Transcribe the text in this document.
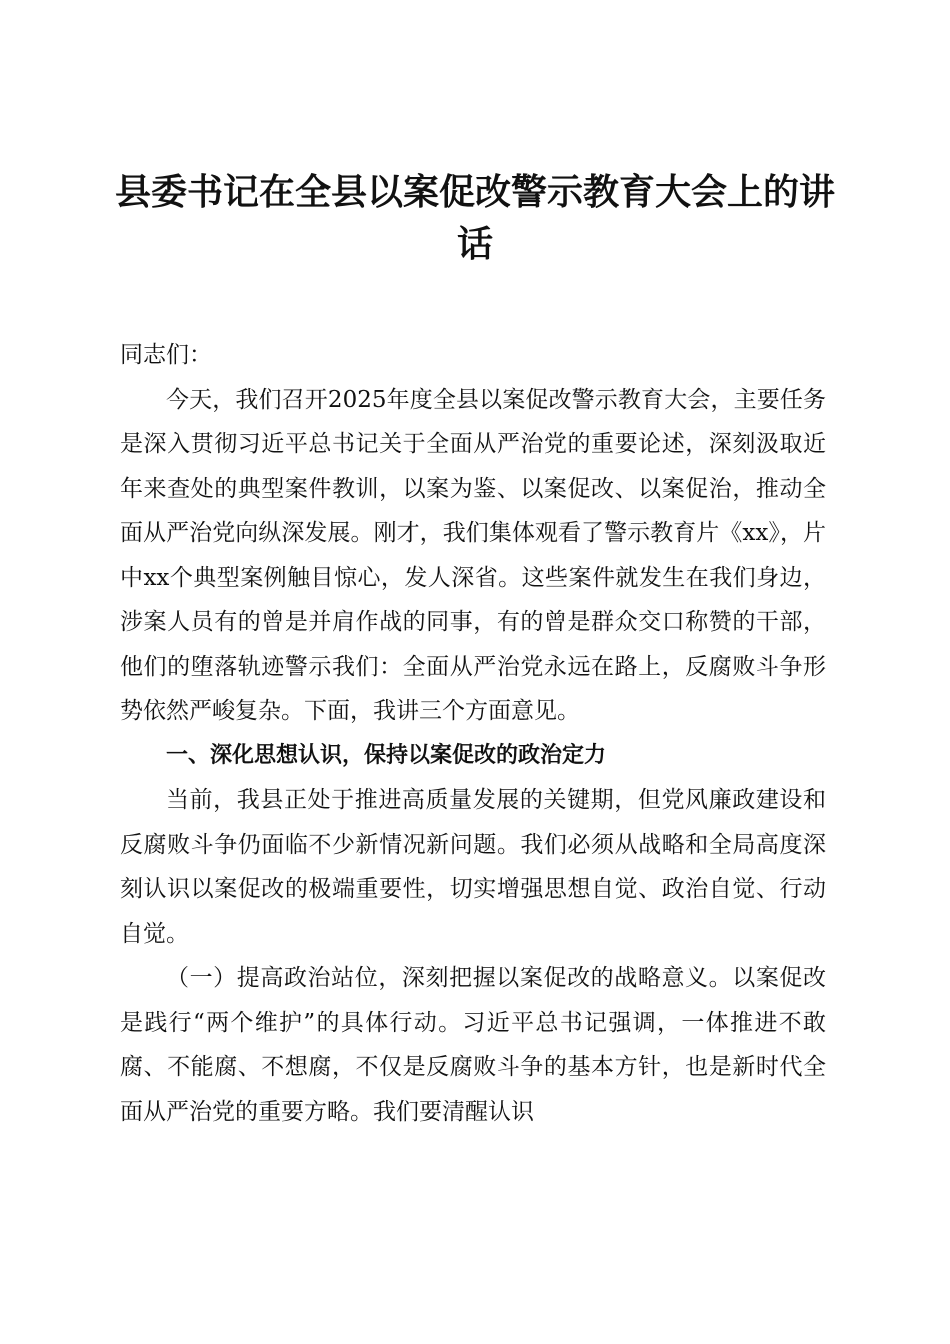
县委书记在全县以案促改警示教育大会上的讲话

同志们：

今天，我们召开2025年度全县以案促改警示教育大会，主要任务是深入贯彻习近平总书记关于全面从严治党的重要论述，深刻汲取近年来查处的典型案件教训，以案为鉴、以案促改、以案促治，推动全面从严治党向纵深发展。刚才，我们集体观看了警示教育片《xx》，片中xx个典型案例触目惊心，发人深省。这些案件就发生在我们身边，涉案人员有的曾是并肩作战的同事，有的曾是群众交口称赞的干部，他们的堕落轨迹警示我们：全面从严治党永远在路上，反腐败斗争形势依然严峻复杂。下面，我讲三个方面意见。

一、深化思想认识，保持以案促改的政治定力

当前，我县正处于推进高质量发展的关键期，但党风廉政建设和反腐败斗争仍面临不少新情况新问题。我们必须从战略和全局高度深刻认识以案促改的极端重要性，切实增强思想自觉、政治自觉、行动自觉。

（一）提高政治站位，深刻把握以案促改的战略意义。以案促改是践行“两个维护”的具体行动。习近平总书记强调，一体推进不敢腐、不能腐、不想腐，不仅是反腐败斗争的基本方针，也是新时代全面从严治党的重要方略。我们要清醒认识
